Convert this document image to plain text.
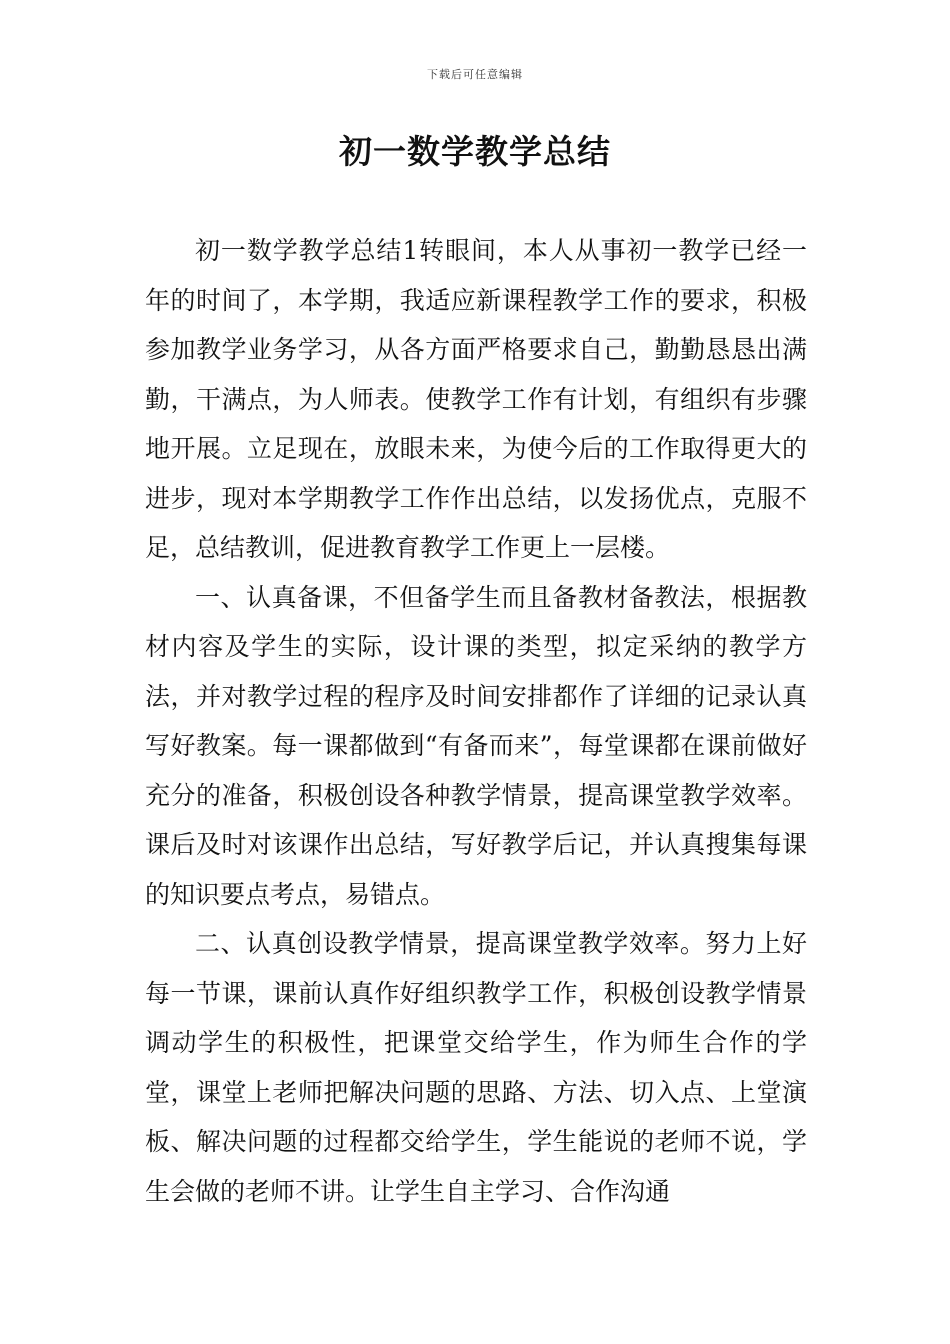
下载后可任意编辑
初一数学教学总结

初一数学教学总结1转眼间，本人从事初一教学已经一年的时间了，本学期，我适应新课程教学工作的要求，积极参加教学业务学习，从各方面严格要求自己，勤勤恳恳出满勤，干满点，为人师表。使教学工作有计划，有组织有步骤地开展。立足现在，放眼未来，为使今后的工作取得更大的进步，现对本学期教学工作作出总结，以发扬优点，克服不足，总结教训，促进教育教学工作更上一层楼。

一、认真备课，不但备学生而且备教材备教法，根据教材内容及学生的实际，设计课的类型，拟定采纳的教学方法，并对教学过程的程序及时间安排都作了详细的记录认真写好教案。每一课都做到“有备而来”，每堂课都在课前做好充分的准备，积极创设各种教学情景，提高课堂教学效率。课后及时对该课作出总结，写好教学后记，并认真搜集每课的知识要点考点，易错点。

二、认真创设教学情景，提高课堂教学效率。努力上好每一节课，课前认真作好组织教学工作，积极创设教学情景调动学生的积极性，把课堂交给学生，作为师生合作的学堂，课堂上老师把解决问题的思路、方法、切入点、上堂演板、解决问题的过程都交给学生，学生能说的老师不说，学生会做的老师不讲。让学生自主学习、合作沟通
